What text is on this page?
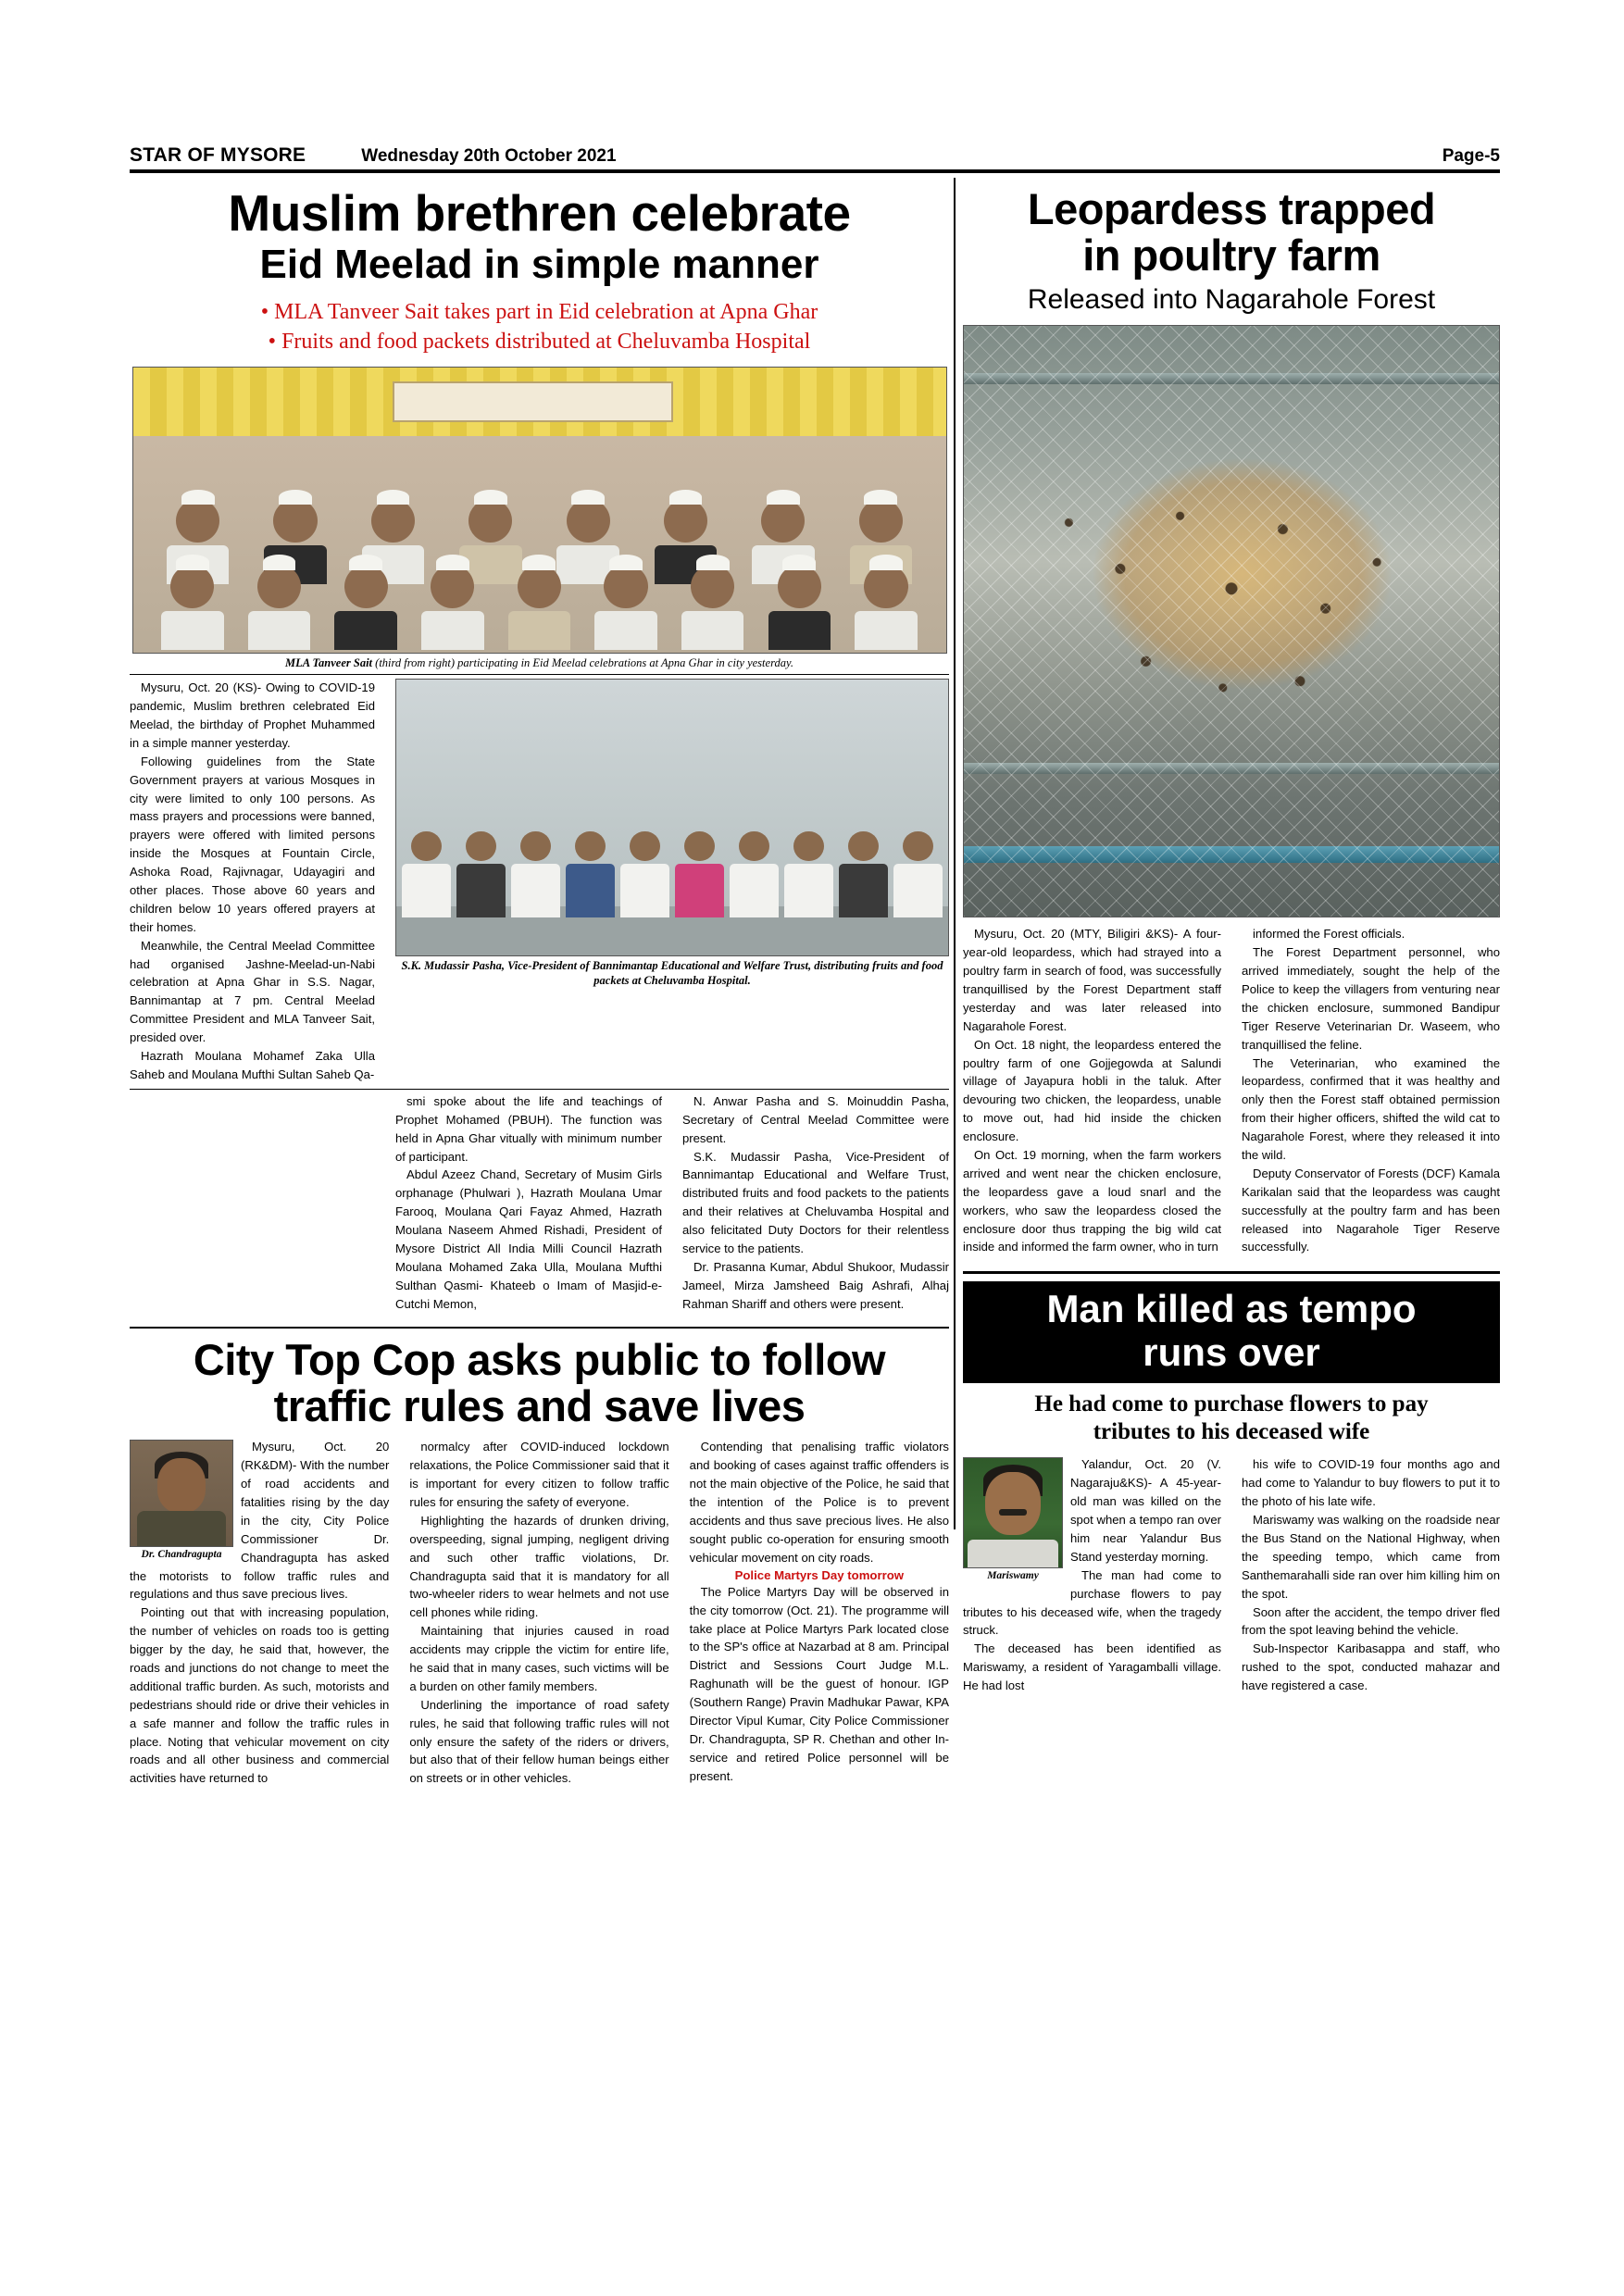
STAR OF MYSORE	Wednesday 20th October 2021	Page-5
Muslim brethren celebrate
Eid Meelad in simple manner
• MLA Tanveer Sait takes part in Eid celebration at Apna Ghar
• Fruits and food packets distributed at Cheluvamba Hospital
MLA Tanveer Sait (third from right) participating in Eid Meelad celebrations at Apna Ghar in city yesterday.

Mysuru, Oct. 20 (KS)- Owing to COVID-19 pandemic, Muslim brethren celebrated Eid Meelad, the birthday of Prophet Muhammed in a simple manner yesterday.

Following guidelines from the State Government prayers at various Mosques in city were limited to only 100 persons. As mass prayers and processions were banned, prayers were offered with limited persons inside the Mosques at Fountain Circle, Ashoka Road, Rajivnagar, Udayagiri and other places. Those above 60 years and children below 10 years offered prayers at their homes.

Meanwhile, the Central Meelad Committee had organised Jashne-Meelad-un-Nabi celebration at Apna Ghar in S.S. Nagar, Bannimantap at 7 pm. Central Meelad Committee President and MLA Tanveer Sait, presided over.

Hazrath Moulana Mohamef Zaka Ulla Saheb and Moulana Mufthi Sultan Saheb Qa-

S.K. Mudassir Pasha, Vice-President of Bannimantap Educational and Welfare Trust, distributing fruits and food packets at Cheluvamba Hospital.

smi spoke about the life and teachings of Prophet Mohamed (PBUH). The function was held in Apna Ghar vitually with minimum number of participant.

Abdul Azeez Chand, Secretary of Musim Girls orphanage (Phulwari ), Hazrath Moulana Umar Farooq, Moulana Qari Fayaz Ahmed, Hazrath Moulana Naseem Ahmed Rishadi, President of Mysore District All India Milli Council Hazrath Moulana Mohamed Zaka Ulla, Moulana Mufthi Sulthan Qasmi- Khateeb o Imam of Masjid-e-Cutchi Memon,

N. Anwar Pasha and S. Moinuddin Pasha, Secretary of Central Meelad Committee were present.

S.K. Mudassir Pasha, Vice-President of Bannimantap Educational and Welfare Trust, distributed fruits and food packets to the patients and their relatives at Cheluvamba Hospital and also felicitated Duty Doctors for their relentless service to the patients.

Dr. Prasanna Kumar, Abdul Shukoor, Mudassir Jameel, Mirza Jamsheed Baig Ashrafi, Alhaj Rahman Shariff and others were present.

City Top Cop asks public to follow
traffic rules and save lives
Dr. Chandragupta

Mysuru, Oct. 20 (RK&DM)- With the number of road accidents and fatalities rising by the day in the city, City Police Commissioner Dr. Chandragupta has asked the motorists to follow traffic rules and regulations and thus save precious lives.

Pointing out that with increasing population, the number of vehicles on roads too is getting bigger by the day, he said that, however, the roads and junctions do not change to meet the additional traffic burden. As such, motorists and pedestrians should ride or drive their vehicles in a safe manner and follow the traffic rules in place. Noting that vehicular movement on city roads and all other business and commercial activities have returned to

normalcy after COVID-induced lockdown relaxations, the Police Commissioner said that it is important for every citizen to follow traffic rules for ensuring the safety of everyone.

Highlighting the hazards of drunken driving, overspeeding, signal jumping, negligent driving and such other traffic violations, Dr. Chandragupta said that it is mandatory for all two-wheeler riders to wear helmets and not use cell phones while riding.

Maintaining that injuries caused in road accidents may cripple the victim for entire life, he said that in many cases, such victims will be a burden on other family members.

Underlining the importance of road safety rules, he said that following traffic rules will not only ensure the safety of the riders or drivers, but also that of their fellow human beings either on streets or in other vehicles.

Contending that penalising traffic violators and booking of cases against traffic offenders is not the main objective of the Police, he said that the intention of the Police is to prevent accidents and thus save precious lives. He also sought public co-operation for ensuring smooth vehicular movement on city roads.

Police Martyrs Day tomorrow

The Police Martyrs Day will be observed in the city tomorrow (Oct. 21). The programme will take place at Police Martyrs Park located close to the SP's office at Nazarbad at 8 am. Principal District and Sessions Court Judge M.L. Raghunath will be the guest of honour. IGP (Southern Range) Pravin Madhukar Pawar, KPA Director Vipul Kumar, City Police Commissioner Dr. Chandragupta, SP R. Chethan and other In-service and retired Police personnel will be present.

Leopardess trapped
in poultry farm
Released into Nagarahole Forest

Mysuru, Oct. 20 (MTY, Biligiri &KS)- A four-year-old leopardess, which had strayed into a poultry farm in search of food, was successfully tranquillised by the Forest Department staff yesterday and was later released into Nagarahole Forest.

On Oct. 18 night, the leopardess entered the poultry farm of one Gojjegowda at Salundi village of Jayapura hobli in the taluk. After devouring two chicken, the leopardess, unable to move out, had hid inside the chicken enclosure.

On Oct. 19 morning, when the farm workers arrived and went near the chicken enclosure, the leopardess gave a loud snarl and the workers, who saw the leopardess closed the enclosure door thus trapping the big wild cat inside and informed the farm owner, who in turn

informed the Forest officials.

The Forest Department personnel, who arrived immediately, sought the help of the Police to keep the villagers from venturing near the chicken enclosure, summoned Bandipur Tiger Reserve Veterinarian Dr. Waseem, who tranquillised the feline.

The Veterinarian, who examined the leopardess, confirmed that it was healthy and only then the Forest staff obtained permission from their higher officers, shifted the wild cat to Nagarahole Forest, where they released it into the wild.

Deputy Conservator of Forests (DCF) Kamala Karikalan said that the leopardess was caught successfully at the poultry farm and has been released into Nagarahole Tiger Reserve successfully.

Man killed as tempo
runs over
He had come to purchase flowers to pay
tributes to his deceased wife
Mariswamy

Yalandur, Oct. 20 (V. Nagaraju&KS)- A 45-year-old man was killed on the spot when a tempo ran over him near Yalandur Bus Stand yesterday morning.

The man had come to purchase flowers to pay tributes to his deceased wife, when the tragedy struck.

The deceased has been identified as Mariswamy, a resident of Yaragamballi village. He had lost

his wife to COVID-19 four months ago and had come to Yalandur to buy flowers to put it to the photo of his late wife.

Mariswamy was walking on the roadside near the Bus Stand on the National Highway, when the speeding tempo, which came from Santhemarahalli side ran over him killing him on the spot.

Soon after the accident, the tempo driver fled from the spot leaving behind the vehicle.

Sub-Inspector Karibasappa and staff, who rushed to the spot, conducted mahazar and have registered a case.
